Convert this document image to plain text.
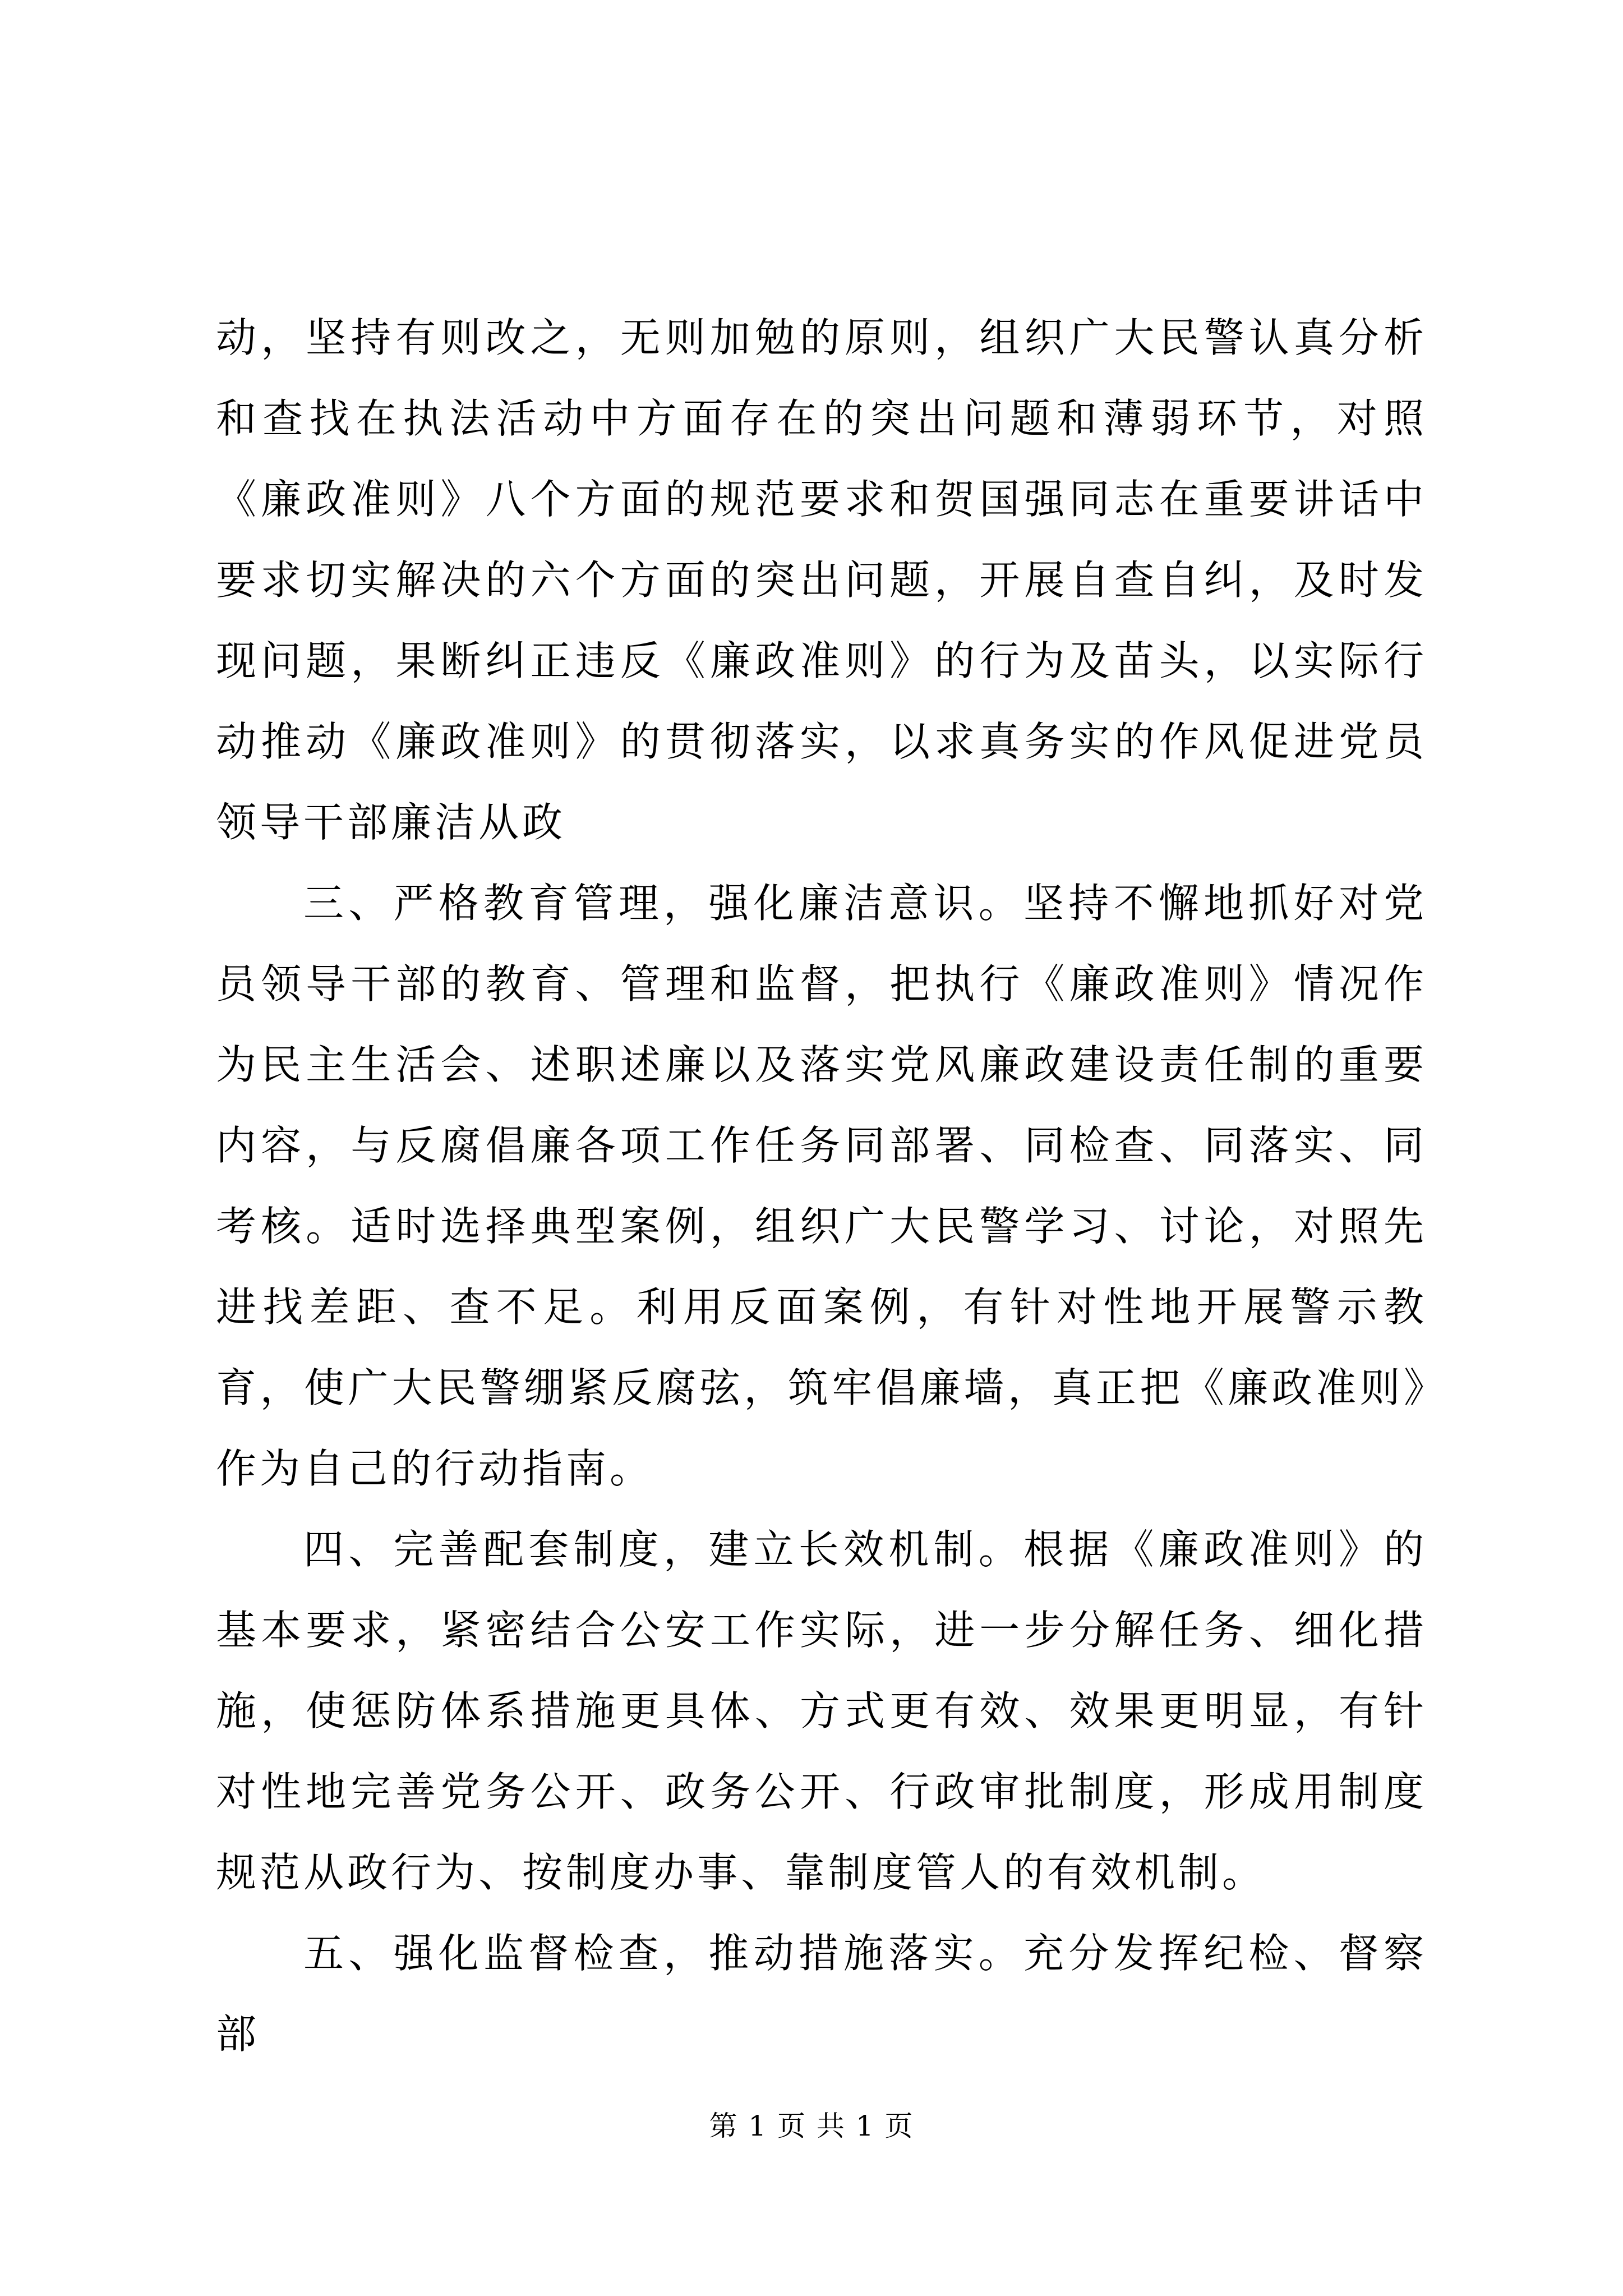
动，坚持有则改之，无则加勉的原则，组织广大民警认真分析和查找在执法活动中方面存在的突出问题和薄弱环节，对照《廉政准则》八个方面的规范要求和贺国强同志在重要讲话中要求切实解决的六个方面的突出问题，开展自查自纠，及时发现问题，果断纠正违反《廉政准则》的行为及苗头，以实际行动推动《廉政准则》的贯彻落实，以求真务实的作风促进党员领导干部廉洁从政

三、严格教育管理，强化廉洁意识。坚持不懈地抓好对党员领导干部的教育、管理和监督，把执行《廉政准则》情况作为民主生活会、述职述廉以及落实党风廉政建设责任制的重要内容，与反腐倡廉各项工作任务同部署、同检查、同落实、同考核。适时选择典型案例，组织广大民警学习、讨论，对照先进找差距、查不足。利用反面案例，有针对性地开展警示教育，使广大民警绷紧反腐弦，筑牢倡廉墙，真正把《廉政准则》作为自己的行动指南。

四、完善配套制度，建立长效机制。根据《廉政准则》的基本要求，紧密结合公安工作实际，进一步分解任务、细化措施，使惩防体系措施更具体、方式更有效、效果更明显，有针对性地完善党务公开、政务公开、行政审批制度，形成用制度规范从政行为、按制度办事、靠制度管人的有效机制。

五、强化监督检查，推动措施落实。充分发挥纪检、督察部

第 1 页 共 1 页
